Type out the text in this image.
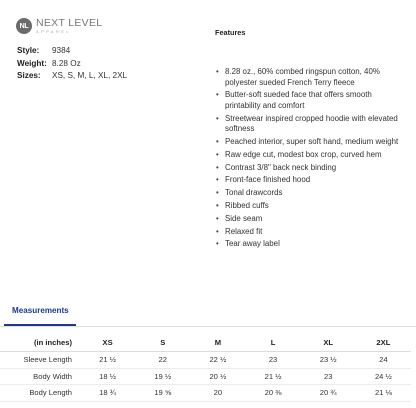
NL NEXT LEVEL
APPAREL
Style:	9384
Weight: 8.28 Oz
Sizes:	XS, S, M, L, XL, 2XL
Features
• 8.28 oz., 60% combed ringspun cotton, 40% polyester sueded French Terry fleece
• Butter-soft sueded face that offers smooth printability and comfort
• Streetwear inspired cropped hoodie with elevated softness
• Peached interior, super soft hand, medium weight
• Raw edge cut, modest box crop, curved hem
• Contrast 3/8" back neck binding
• Front-face finished hood
• Tonal drawcords
• Ribbed cuffs
• Side seam
• Relaxed fit
• Tear away label
Measurements
(in inches)	XS	S	M	L	XL	2XL
Sleeve Length	21 ½	22	22 ½	23	23 ½	24
Body Width	18 ½	19 ½	20 ½	21 ½	23	24 ½
Body Length	18 ¾	19 ⅝	20	20 ⅜	20 ¾	21 ⅛
